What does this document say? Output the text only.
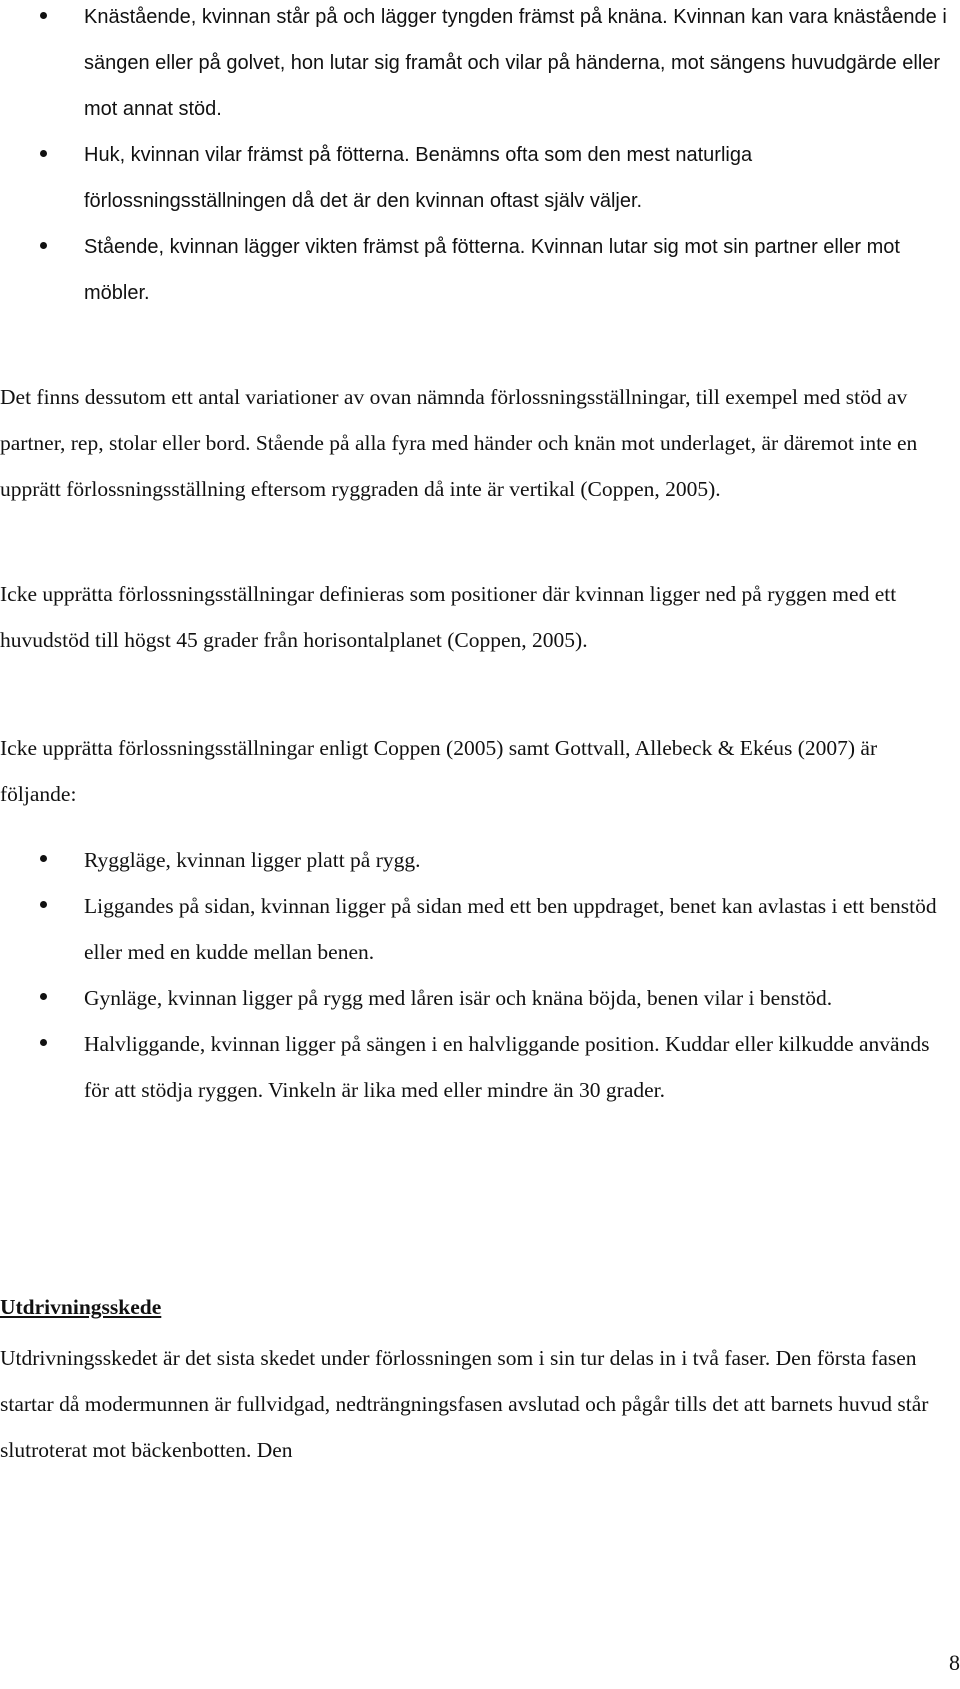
Knästående, kvinnan står på och lägger tyngden främst på knäna. Kvinnan kan vara knästående i sängen eller på golvet, hon lutar sig framåt och vilar på händerna, mot sängens huvudgärde eller mot annat stöd.
Huk, kvinnan vilar främst på fötterna. Benämns ofta som den mest naturliga förlossningsställningen då det är den kvinnan oftast själv väljer.
Stående, kvinnan lägger vikten främst på fötterna. Kvinnan lutar sig mot sin partner eller mot möbler.

Det finns dessutom ett antal variationer av ovan nämnda förlossningsställningar, till exempel med stöd av partner, rep, stolar eller bord. Stående på alla fyra med händer och knän mot underlaget, är däremot inte en upprätt förlossningsställning eftersom ryggraden då inte är vertikal (Coppen, 2005).

Icke upprätta förlossningsställningar definieras som positioner där kvinnan ligger ned på ryggen med ett huvudstöd till högst 45 grader från horisontalplanet (Coppen, 2005).

Icke upprätta förlossningsställningar enligt Coppen (2005) samt Gottvall, Allebeck & Ekéus (2007) är följande:

Ryggläge, kvinnan ligger platt på rygg.
Liggandes på sidan, kvinnan ligger på sidan med ett ben uppdraget, benet kan avlastas i ett benstöd eller med en kudde mellan benen.
Gynläge, kvinnan ligger på rygg med låren isär och knäna böjda, benen vilar i benstöd.
Halvliggande, kvinnan ligger på sängen i en halvliggande position. Kuddar eller kilkudde används för att stödja ryggen. Vinkeln är lika med eller mindre än 30 grader.
Utdrivningsskede

Utdrivningsskedet är det sista skedet under förlossningen som i sin tur delas in i två faser. Den första fasen startar då modermunnen är fullvidgad, nedträngningsfasen avslutad och pågår tills det att barnets huvud står slutroterat mot bäckenbotten. Den

8
